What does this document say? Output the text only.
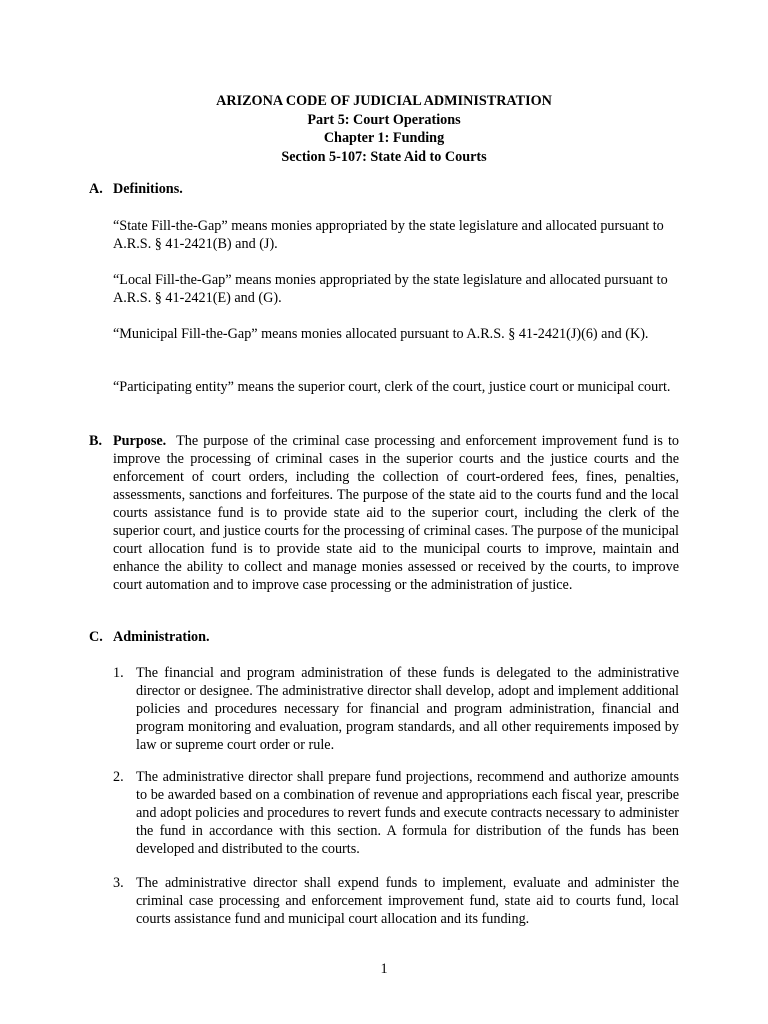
ARIZONA CODE OF JUDICIAL ADMINISTRATION
Part 5: Court Operations
Chapter 1: Funding
Section 5-107: State Aid to Courts
A. Definitions.
“State Fill-the-Gap” means monies appropriated by the state legislature and allocated pursuant to A.R.S. § 41-2421(B) and (J).
“Local Fill-the-Gap” means monies appropriated by the state legislature and allocated pursuant to A.R.S. § 41-2421(E) and (G).
“Municipal Fill-the-Gap” means monies allocated pursuant to A.R.S. § 41-2421(J)(6) and (K).
“Participating entity” means the superior court, clerk of the court, justice court or municipal court.
B. Purpose. The purpose of the criminal case processing and enforcement improvement fund is to improve the processing of criminal cases in the superior courts and the justice courts and the enforcement of court orders, including the collection of court-ordered fees, fines, penalties, assessments, sanctions and forfeitures. The purpose of the state aid to the courts fund and the local courts assistance fund is to provide state aid to the superior court, including the clerk of the superior court, and justice courts for the processing of criminal cases. The purpose of the municipal court allocation fund is to provide state aid to the municipal courts to improve, maintain and enhance the ability to collect and manage monies assessed or received by the courts, to improve court automation and to improve case processing or the administration of justice.
C. Administration.
1. The financial and program administration of these funds is delegated to the administrative director or designee. The administrative director shall develop, adopt and implement additional policies and procedures necessary for financial and program administration, financial and program monitoring and evaluation, program standards, and all other requirements imposed by law or supreme court order or rule.
2. The administrative director shall prepare fund projections, recommend and authorize amounts to be awarded based on a combination of revenue and appropriations each fiscal year, prescribe and adopt policies and procedures to revert funds and execute contracts necessary to administer the fund in accordance with this section. A formula for distribution of the funds has been developed and distributed to the courts.
3. The administrative director shall expend funds to implement, evaluate and administer the criminal case processing and enforcement improvement fund, state aid to courts fund, local courts assistance fund and municipal court allocation and its funding.
1
